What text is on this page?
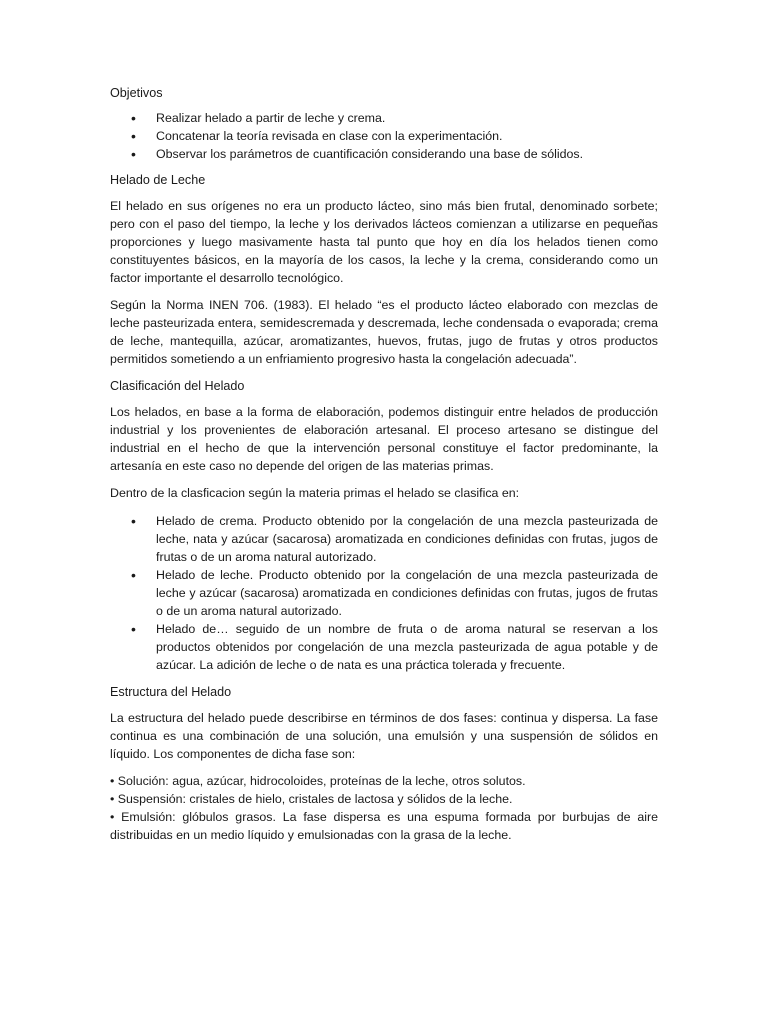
Objetivos
• Realizar helado a partir de leche y crema.
• Concatenar la teoría revisada en clase con la experimentación.
• Observar los parámetros de cuantificación considerando una base de sólidos.
Helado de Leche

El helado en sus orígenes no era un producto lácteo, sino más bien frutal, denominado sorbete; pero con el paso del tiempo, la leche y los derivados lácteos comienzan a utilizarse en pequeñas proporciones y luego masivamente hasta tal punto que hoy en día los helados tienen como constituyentes básicos, en la mayoría de los casos, la leche y la crema, considerando como un factor importante el desarrollo tecnológico.

Según la Norma INEN 706. (1983). El helado “es el producto lácteo elaborado con mezclas de leche pasteurizada entera, semidescremada y descremada, leche condensada o evaporada; crema de leche, mantequilla, azúcar, aromatizantes, huevos, frutas, jugo de frutas y otros productos permitidos sometiendo a un enfriamiento progresivo hasta la congelación adecuada”.

Clasificación del Helado

Los helados, en base a la forma de elaboración, podemos distinguir entre helados de producción industrial y los provenientes de elaboración artesanal. El proceso artesano se distingue del industrial en el hecho de que la intervención personal constituye el factor predominante, la artesanía en este caso no depende del origen de las materias primas.

Dentro de la clasficacion según la materia primas el helado se clasifica en:

• Helado de crema. Producto obtenido por la congelación de una mezcla pasteurizada de leche, nata y azúcar (sacarosa) aromatizada en condiciones definidas con frutas, jugos de frutas o de un aroma natural autorizado.
• Helado de leche. Producto obtenido por la congelación de una mezcla pasteurizada de leche y azúcar (sacarosa) aromatizada en condiciones definidas con frutas, jugos de frutas o de un aroma natural autorizado.
• Helado de… seguido de un nombre de fruta o de aroma natural se reservan a los productos obtenidos por congelación de una mezcla pasteurizada de agua potable y de azúcar. La adición de leche o de nata es una práctica tolerada y frecuente.
Estructura del Helado

La estructura del helado puede describirse en términos de dos fases: continua y dispersa. La fase continua es una combinación de una solución, una emulsión y una suspensión de sólidos en líquido. Los componentes de dicha fase son:

• Solución: agua, azúcar, hidrocoloides, proteínas de la leche, otros solutos.
• Suspensión: cristales de hielo, cristales de lactosa y sólidos de la leche.
• Emulsión: glóbulos grasos. La fase dispersa es una espuma formada por burbujas de aire distribuidas en un medio líquido y emulsionadas con la grasa de la leche.
